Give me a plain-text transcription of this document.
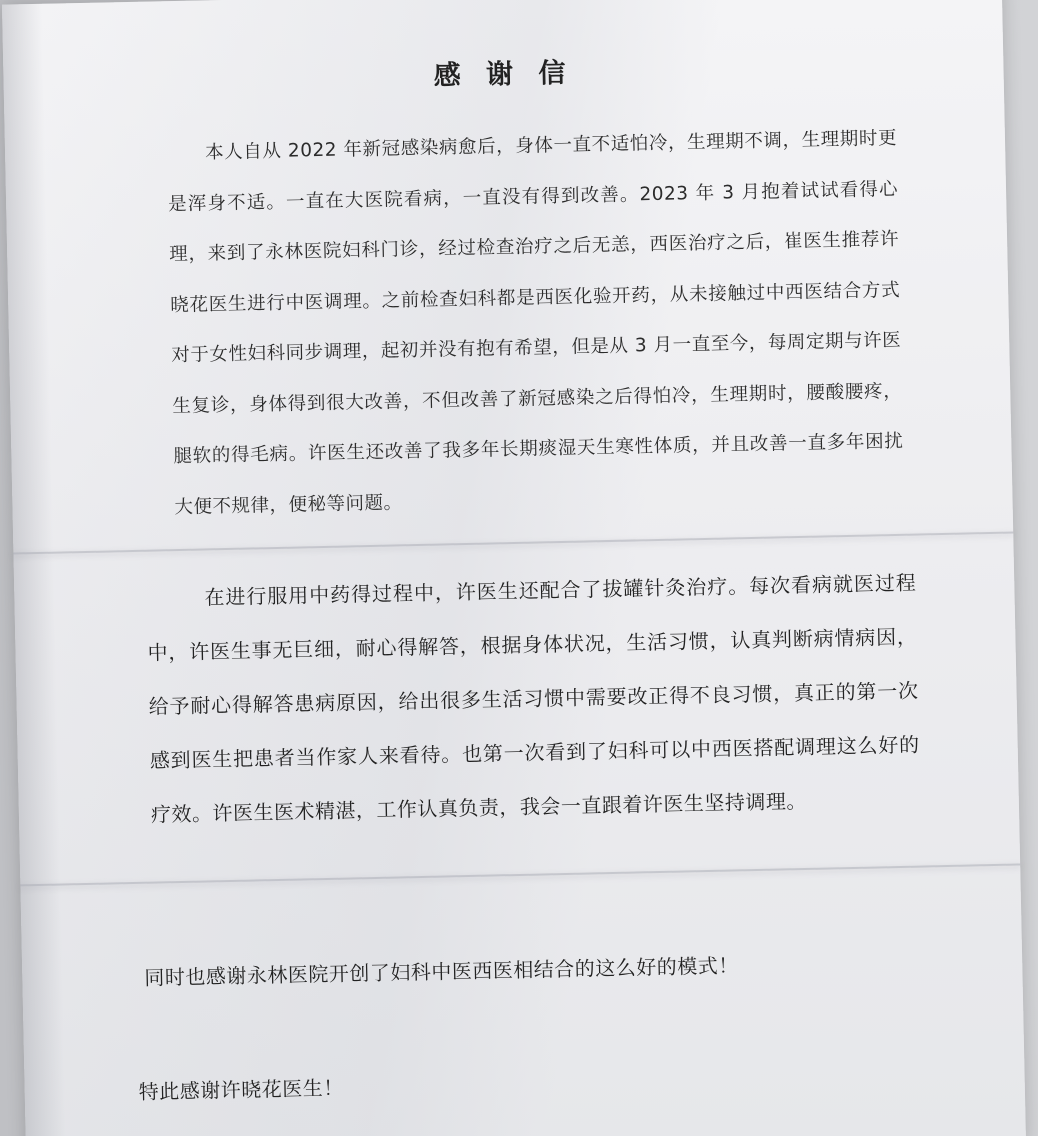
感 谢 信
本人自从 2022 年新冠感染病愈后，身体一直不适怕冷，生理期不调，生理期时更是浑身不适。一直在大医院看病，一直没有得到改善。2023 年 3 月抱着试试看得心理，来到了永林医院妇科门诊，经过检查治疗之后无恙，西医治疗之后，崔医生推荐许晓花医生进行中医调理。之前检查妇科都是西医化验开药，从未接触过中西医结合方式对于女性妇科同步调理，起初并没有抱有希望，但是从 3 月一直至今，每周定期与许医生复诊，身体得到很大改善，不但改善了新冠感染之后得怕冷，生理期时，腰酸腰疼，腿软的得毛病。许医生还改善了我多年长期痰湿天生寒性体质，并且改善一直多年困扰大便不规律，便秘等问题。
在进行服用中药得过程中，许医生还配合了拔罐针灸治疗。每次看病就医过程中，许医生事无巨细，耐心得解答，根据身体状况，生活习惯，认真判断病情病因，给予耐心得解答患病原因，给出很多生活习惯中需要改正得不良习惯，真正的第一次感到医生把患者当作家人来看待。也第一次看到了妇科可以中西医搭配调理这么好的疗效。许医生医术精湛，工作认真负责，我会一直跟着许医生坚持调理。
同时也感谢永林医院开创了妇科中医西医相结合的这么好的模式！
特此感谢许晓花医生！
